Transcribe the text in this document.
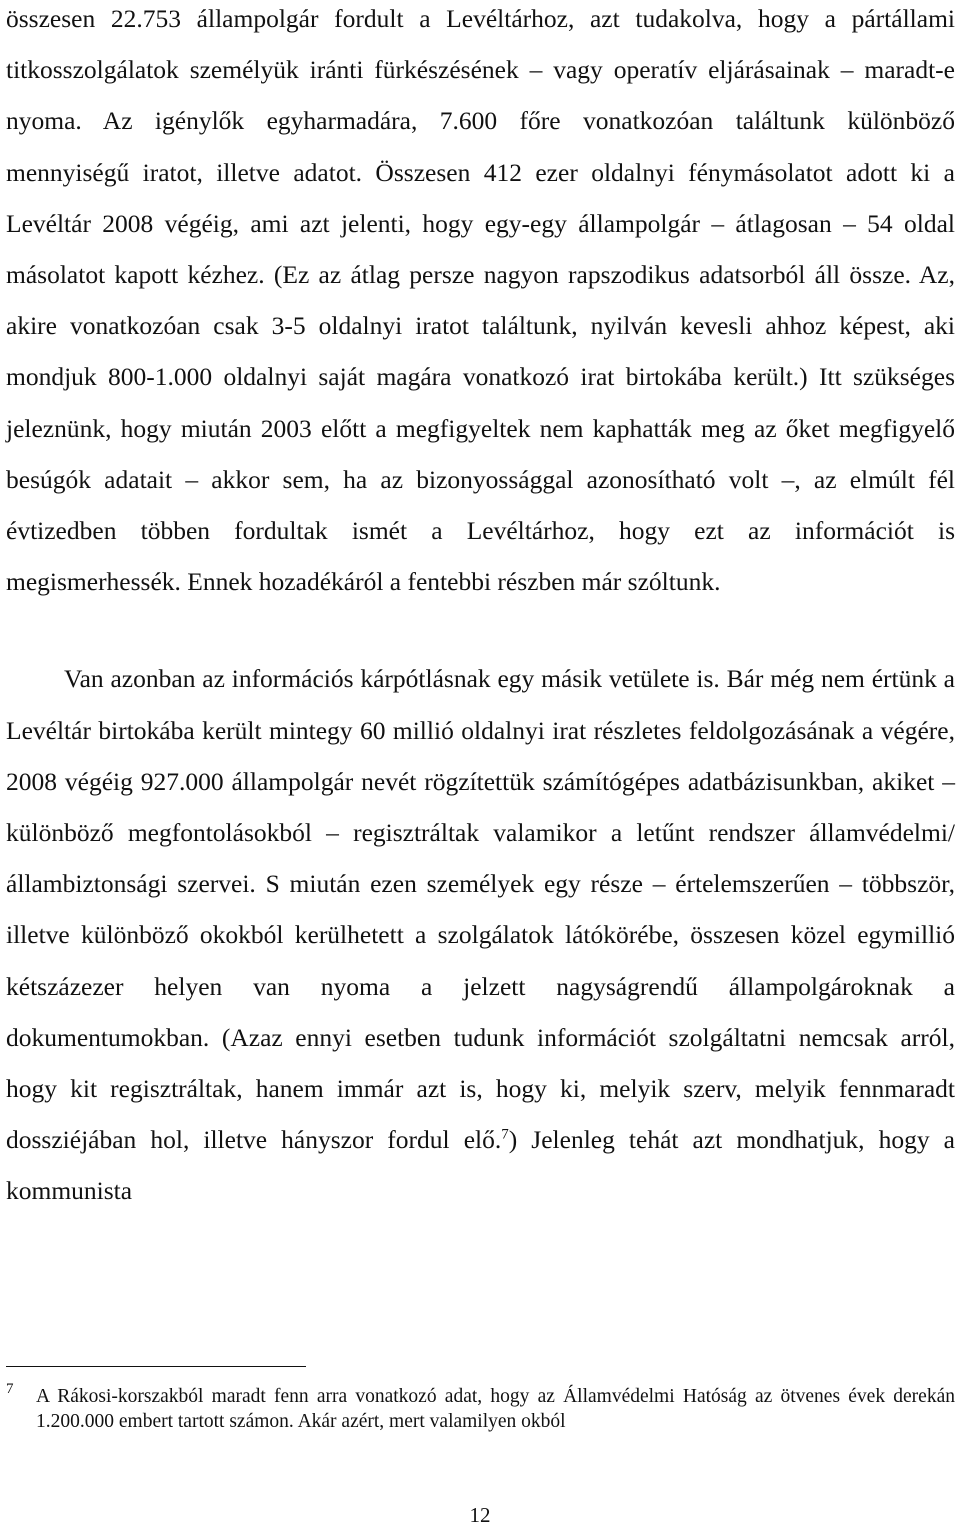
összesen 22.753 állampolgár fordult a Levéltárhoz, azt tudakolva, hogy a pártállami titkosszolgálatok személyük iránti fürkészésének – vagy operatív eljárásainak – maradt-e nyoma. Az igénylők egyharmadára, 7.600 főre vonatkozóan találtunk különböző mennyiségű iratot, illetve adatot. Összesen 412 ezer oldalnyi fénymásolatot adott ki a Levéltár 2008 végéig, ami azt jelenti, hogy egy-egy állampolgár – átlagosan – 54 oldal másolatot kapott kézhez. (Ez az átlag persze nagyon rapszodikus adatsorból áll össze. Az, akire vonatkozóan csak 3-5 oldalnyi iratot találtunk, nyilván kevesli ahhoz képest, aki mondjuk 800-1.000 oldalnyi saját magára vonatkozó irat birtokába került.) Itt szükséges jeleznünk, hogy miután 2003 előtt a megfigyeltek nem kaphatták meg az őket megfigyelő besúgók adatait – akkor sem, ha az bizonyossággal azonosítható volt –, az elmúlt fél évtizedben többen fordultak ismét a Levéltárhoz, hogy ezt az információt is megismerhessék. Ennek hozadékáról a fentebbi részben már szóltunk.

Van azonban az információs kárpótlásnak egy másik vetülete is. Bár még nem értünk a Levéltár birtokába került mintegy 60 millió oldalnyi irat részletes feldolgozásának a végére, 2008 végéig 927.000 állampolgár nevét rögzítettük számítógépes adatbázisunkban, akiket – különböző megfontolásokból – regisztráltak valamikor a letűnt rendszer államvédelmi/állambiztonsági szervei. S miután ezen személyek egy része – értelemszerűen – többször, illetve különböző okokból kerülhetett a szolgálatok látókörébe, összesen közel egymillió kétszázezer helyen van nyoma a jelzett nagyságrendű állampolgároknak a dokumentumokban. (Azaz ennyi esetben tudunk információt szolgáltatni nemcsak arról, hogy kit regisztráltak, hanem immár azt is, hogy ki, melyik szerv, melyik fennmaradt dossziéjában hol, illetve hányszor fordul elő.$^7$) Jelenleg tehát azt mondhatjuk, hogy a kommunista

7	A Rákosi-korszakból maradt fenn arra vonatkozó adat, hogy az Államvédelmi Hatóság az ötvenes évek derekán 1.200.000 embert tartott számon. Akár azért, mert valamilyen okból
12
